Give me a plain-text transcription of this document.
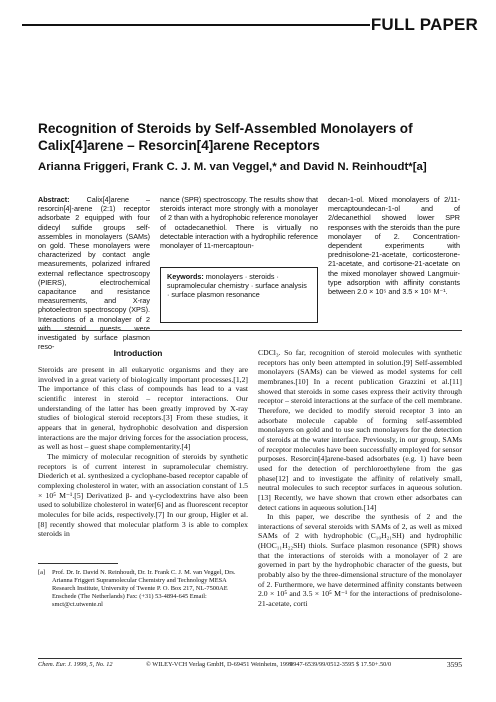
FULL PAPER
Recognition of Steroids by Self-Assembled Monolayers of Calix[4]arene – Resorcin[4]arene Receptors
Arianna Friggeri, Frank C. J. M. van Veggel,* and David N. Reinhoudt*[a]
Abstract: Calix[4]arene – resorcin[4]-arene (2:1) receptor adsorbate 2 equipped with four didecyl sulfide groups self-assembles in monolayers (SAMs) on gold. These monolayers were characterized by contact angle measurements, polarized infrared external reflectance spectroscopy (PIERS), electrochemical capacitance and resistance measurements, and X-ray photoelectron spectroscopy (XPS). Interactions of a monolayer of 2 with steroid guests were investigated by surface plasmon reso-
nance (SPR) spectroscopy. The results show that steroids interact more strongly with a monolayer of 2 than with a hydrophobic reference monolayer of octadecanethiol. There is virtually no detectable interaction with a hydrophilic reference monolayer of 11-mercaptoun-
decan-1-ol. Mixed monolayers of 2/11-mercaptoundecan-1-ol and of 2/decanethiol showed lower SPR responses with the steroids than the pure monolayer of 2. Concentration-dependent experiments with prednisolone-21-acetate, corticosterone-21-acetate, and cortisone-21-acetate on the mixed monolayer showed Langmuir-type adsorption with affinity constants between 2.0 × 10⁵ and 3.5 × 10⁵ M⁻¹.
Keywords: monolayers · steroids · supramolecular chemistry · surface analysis · surface plasmon resonance
Introduction

Steroids are present in all eukaryotic organisms and they are involved in a great variety of biologically important processes.[1,2] The importance of this class of compounds has lead to a vast scientific interest in steroid – receptor interactions. Our understanding of the latter has been greatly improved by X-ray studies of biological steroid receptors.[3] From these studies, it appears that in general, hydrophobic desolvation and dispersion interactions are the major driving forces for the association process, as well as host – guest shape complementarity.[4]

The mimicry of molecular recognition of steroids by synthetic receptors is of current interest in supramolecular chemistry. Diederich et al. synthesized a cyclophane-based receptor capable of complexing cholesterol in water, with an association constant of 1.5 × 10⁵ M⁻¹.[5] Derivatized β- and γ-cyclodextrins have also been used to solubilize cholesterol in water[6] and as fluorescent receptor molecules for bile acids, respectively.[7] In our group, Higler et al.[8] recently showed that molecular platform 3 is able to complex steroids in

CDCl₃. So far, recognition of steroid molecules with synthetic receptors has only been attempted in solution.[9] Self-assembled monolayers (SAMs) can be viewed as model systems for cell membranes.[10] In a recent publication Grazzini et al.[11] showed that steroids in some cases express their activity through receptor – steroid interactions at the surface of the cell membrane. Therefore, we decided to modify steroid receptor 3 into an adsorbate molecule capable of forming self-assembled monolayers on gold and to use such monolayers for the detection of steroids at the water interface. Previously, in our group, SAMs of receptor molecules have been successfully employed for sensor purposes. Resorcin[4]arene-based adsorbates (e.g. 1) have been used for the detection of perchloroethylene from the gas phase[12] and to investigate the affinity of relatively small, neutral molecules to such receptor surfaces in aqueous solution.[13] Recently, we have shown that crown ether adsorbates can detect cations in aqueous solution.[14]

In this paper, we describe the synthesis of 2 and the interactions of several steroids with SAMs of 2, as well as mixed SAMs of 2 with hydrophobic (C₁₀H₂₁SH) and hydrophilic (HOC₁₁H₂₂SH) thiols. Surface plasmon resonance (SPR) shows that the interactions of steroids with a monolayer of 2 are governed in part by the hydrophobic character of the guests, but probably also by the three-dimensional structure of the monolayer of 2. Furthermore, we have determined affinity constants between 2.0 × 10⁵ and 3.5 × 10⁵ M⁻¹ for the interactions of prednisolone-21-acetate, corti

[a] Prof. Dr. Ir. David N. Reinhoudt, Dr. Ir. Frank C. J. M. van Veggel, Drs. Arianna Friggeri Supramolecular Chemistry and Technology MESA Research Institute, University of Twente P. O. Box 217, NL-7500AE Enschede (The Netherlands) Fax: (+31) 53-4894-645 Email: smct@ct.utwente.nl
Chem. Eur. J. 1999, 5, No. 12	© WILEY-VCH Verlag GmbH, D-69451 Weinheim, 1999
0947-6539/99/0512-3595 $ 17.50+.50/0	3595
